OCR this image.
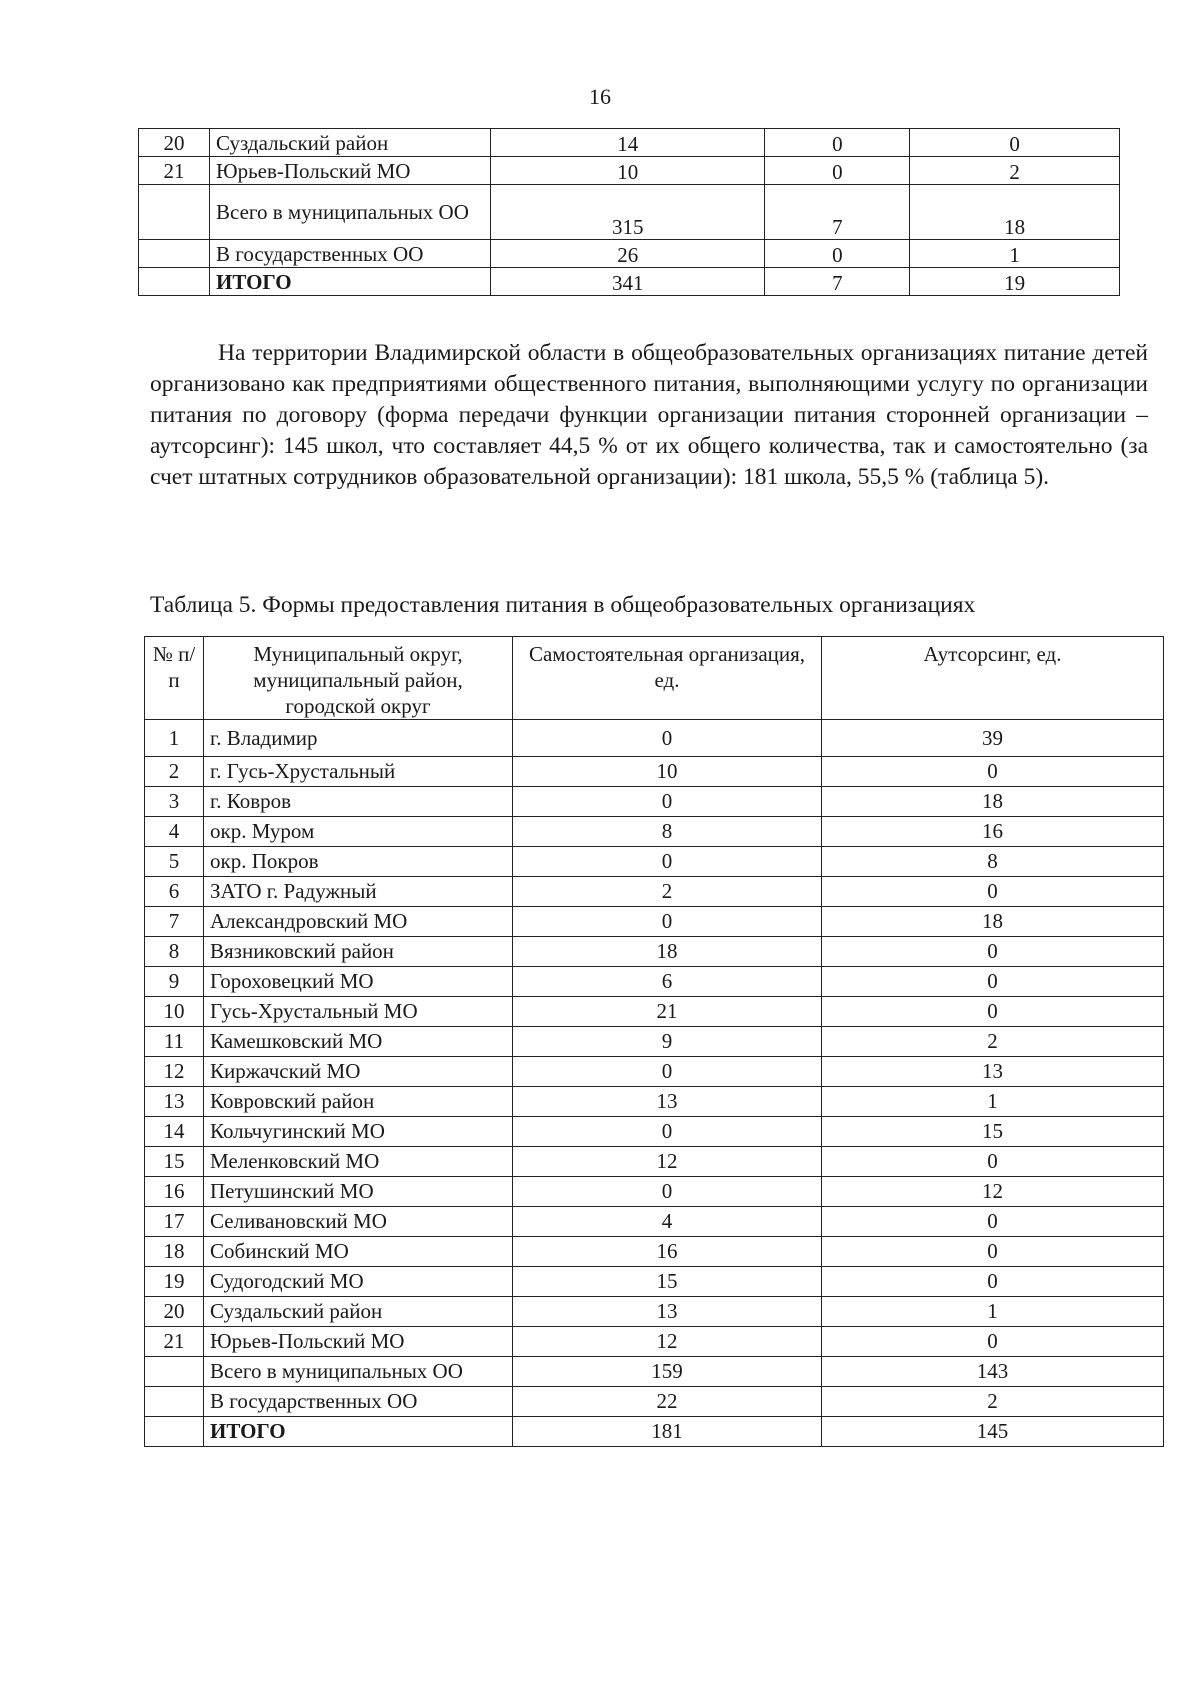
16
20	Суздальский район	14	0	0
21	Юрьев-Польский МО	10	0	2
	Всего в муниципальных ОО	315	7	18
	В государственных ОО	26	0	1
	ИТОГО	341	7	19

На территории Владимирской области в общеобразовательных организациях питание детей организовано как предприятиями общественного питания, выполняющими услугу по организации питания по договору (форма передачи функции организации питания сторонней организации – аутсорсинг): 145 школ, что составляет 44,5 % от их общего количества, так и самостоятельно (за счет штатных сотрудников образовательной организации): 181 школа, 55,5 % (таблица 5).

Таблица 5. Формы предоставления питания в общеобразовательных организациях

№ п/п	Муниципальный округ, муниципальный район, городской округ	Самостоятельная организация, ед.	Аутсорсинг, ед.
1	г. Владимир	0	39
2	г. Гусь-Хрустальный	10	0
3	г. Ковров	0	18
4	окр. Муром	8	16
5	окр. Покров	0	8
6	ЗАТО г. Радужный	2	0
7	Александровский МО	0	18
8	Вязниковский район	18	0
9	Гороховецкий МО	6	0
10	Гусь-Хрустальный МО	21	0
11	Камешковский МО	9	2
12	Киржачский МО	0	13
13	Ковровский район	13	1
14	Кольчугинский МО	0	15
15	Меленковский МО	12	0
16	Петушинский МО	0	12
17	Селивановский МО	4	0
18	Собинский МО	16	0
19	Судогодский МО	15	0
20	Суздальский район	13	1
21	Юрьев-Польский МО	12	0
	Всего в муниципальных ОО	159	143
	В государственных ОО	22	2
	ИТОГО	181	145
